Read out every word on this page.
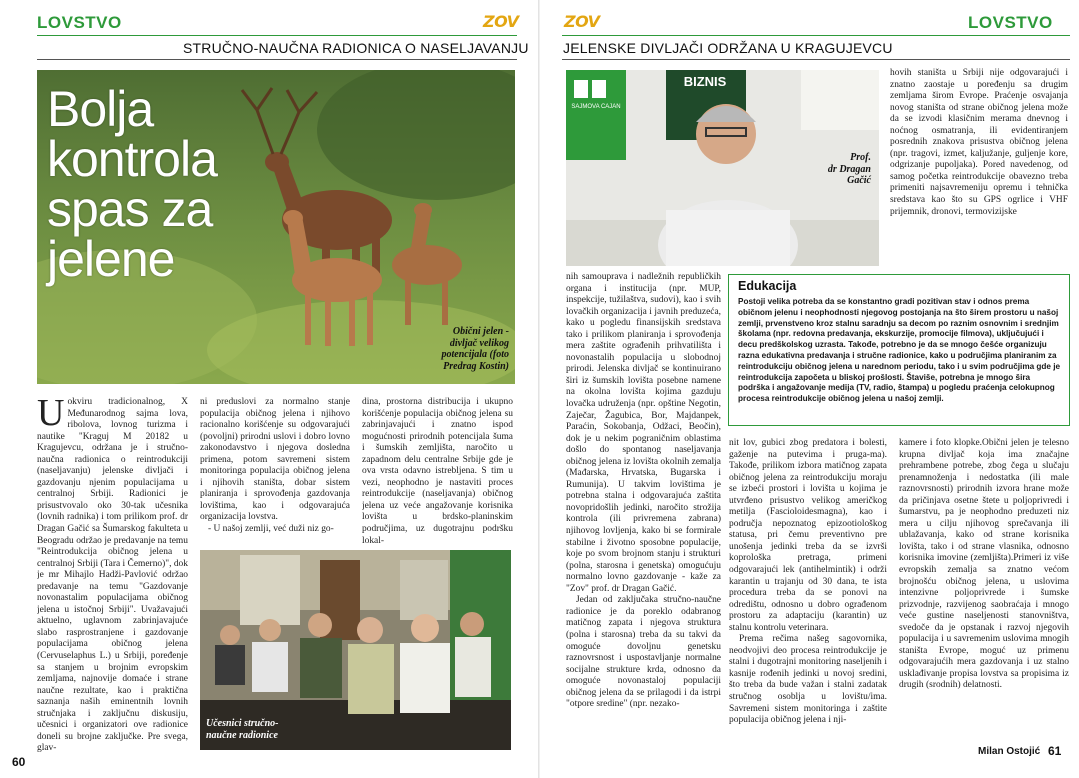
LOVSTVO	ZOV
STRUČNO-NAUČNA RADIONICA O NASELJAVANJU
ZOV	LOVSTVO
JELENSKE DIVLJAČI ODRŽANA U KRAGUJEVCU
Bolja
kontrola
spas za
jelene
Obični jelen -
divljač velikog
potencijala (foto
Predrag Kostin)
U okviru tradicionalnog, X Međunarodnog sajma lova, ribolova, lovnog turizma i nautike "Kraguj M 20182 u Kragujevcu, održana je i stručno-naučna radionica o reintrodukciji (naseljavanju) jelenske divljači i gazdovanju njenim populacijama u centralnoj Srbiji. Radionici je prisustvovalo oko 30-tak učesnika (lovnih radnika) i tom prilikom prof. dr Dragan Gačić sa Šumarskog fakulteta u Beogradu održao je predavanje na temu "Reintrodukcija običnog jelena u centralnoj Srbiji (Tara i Čemerno)", dok je mr Mihajlo Hadži-Pavlović održao predavanje na temu "Gazdovanje novonastalim populacijama običnog jelena u istočnoj Srbiji". Uvažavajući aktuelno, uglavnom zabrinjavajuće slabo rasprostranjene i gazdovanje populacijama običnog jelena (Cervuselaphus L.) u Srbiji, poređenje sa stanjem u brojnim evropskim zemljama, najnovije domaće i strane naučne rezultate, kao i praktična saznanja naših eminentnih lovnih stručnjaka i zaključnu diskusiju, učesnici i organizatori ove radionice doneli su brojne zaključke. Pre svega, glav-

ni preduslovi za normalno stanje populacija običnog jelena i njihovo racionalno korišćenje su odgovarajući (povoljni) prirodni uslovi i dobro lovno zakonodavstvo i njegova dosledna primena, potom savremeni sistem monitoringa populacija običnog jelena i njihovih staništa, dobar sistem planiranja i sprovođenja gazdovanja lovištima, kao i odgovarajuća organizacija lovstva.

- U našoj zemlji, već duži niz go-

dina, prostorna distribucija i ukupno korišćenje populacija običnog jelena su zabrinjavajući i znatno ispod mogućnosti prirodnih potencijala šuma i šumskih zemljišta, naročito u zapadnom delu centralne Srbije gde je ova vrsta odavno istrebljena. S tim u vezi, neophodno je nastaviti proces reintrodukcije (naseljavanja) običnog jelena uz veće angažovanje korisnika lovišta u brdsko-planinskim područjima, uz dugotrajnu podršku lokal-

Učesnici stručno-
naučne radionice
60
BIZNIS
SAJMOVA CAJAN
Prof.
dr Dragan
Gačić

hovih staništa u Srbiji nije odgovarajući i znatno zaostaje u poređenju sa drugim zemljama širom Evrope. Praćenje osvajanja novog staništa od strane običnog jelena može da se izvodi klasičnim merama dnevnog i noćnog osmatranja, ili evidentiranjem posrednih znakova prisustva običnog jelena (npr. tragovi, izmet, kaljužanje, guljenje kore, odgrizanje pupoljaka). Pored navedenog, od samog početka reintrodukcije obavezno treba primeniti najsavremeniju opremu i tehnička sredstava kao što su GPS ogrlice i VHF prijemnik, dronovi, termovizijske

nih samouprava i nadležnih republičkih organa i institucija (npr. MUP, inspekcije, tužilaštva, sudovi), kao i svih lovačkih organizacija i javnih preduzeća, kako u pogledu finansijskih sredstava tako i prilikom planiranja i sprovođenja mera zaštite ograđenih prihvatilišta i novonastalih populacija u slobodnoj prirodi. Jelenska divljač se kontinuirano širi iz šumskih lovišta posebne namene na okolna lovišta kojima gazduju lovačka udruženja (npr. opštine Negotin, Zaječar, Žagubica, Bor, Majdanpek, Paraćin, Sokobanja, Odžaci, Beočin), dok je u nekim pograničnim oblastima došlo do spontanog naseljavanja običnog jelena iz lovišta okolnih zemalja (Mađarska, Hrvatska, Bugarska i Rumunija). U takvim lovištima je potrebna stalna i odgovarajuća zaštita novopridošlih jedinki, naročito strožija kontrola (ili privremena zabrana) njihovog lovljenja, kako bi se formirale stabilne i životno sposobne populacije, koje po svom brojnom stanju i strukturi (polna, starosna i genetska) omogućuju normalno lovno gazdovanje - kaže za "Zov" prof. dr Dragan Gačić.

Jedan od zaključaka stručno-naučne radionice je da poreklo odabranog matičnog zapata i njegova struktura (polna i starosna) treba da su takvi da omoguće dovoljnu genetsku raznovrsnost i uspostavljanje normalne socijalne strukture krda, odnosno da omoguće novonastaloj populaciji običnog jelena da se prilagodi i da istrpi "otpore sredine" (npr. nezako-

Edukacija
Postoji velika potreba da se konstantno gradi pozitivan stav i odnos prema običnom jelenu i neophodnosti njegovog postojanja na što širem prostoru u našoj zemlji, prvenstveno kroz stalnu saradnju sa decom po raznim osnovnim i srednjim školama (npr. redovna predavanja, ekskurzije, promocije filmova), uključujući i decu predškolskog uzrasta. Takođe, potrebno je da se mnogo češće organizuju razna edukativna predavanja i stručne radionice, kako u područjima planiranim za reintrodukciju običnog jelena u narednom periodu, tako i u svim područjima gde je reintrodukcija započeta u bliskoj prošlosti. Štaviše, potrebna je mnogo šira podrška i angažovanje medija (TV, radio, štampa) u pogledu praćenja celokupnog procesa reintrodukcije običnog jelena u našoj zemlji.

nit lov, gubici zbog predatora i bolesti, gaženje na putevima i pruga-ma). Takođe, prilikom izbora matičnog zapata običnog jelena za reintrodukciju moraju se izbeći prostori i lovišta u kojima je utvrđeno prisustvo velikog američkog metilja (Fascioloidesmagna), kao i područja nepoznatog epizootiološkog statusa, pri čemu preventivno pre unošenja jedinki treba da se izvrši koprološka pretraga, primeni odgovarajući lek (antihelmintik) i održi karantin u trajanju od 30 dana, te ista procedura treba da se ponovi na odredištu, odnosno u dobro ograđenom prostoru za adaptaciju (karantin) uz stalnu kontrolu veterinara.

Prema rečima našeg sagovornika, neodvojivi deo procesa reintrodukcije je stalni i dugotrajni monitoring naseljenih i kasnije rođenih jedinki u novoj sredini, što treba da bude važan i stalni zadatak stručnog osoblja u lovištu/ima. Savremeni sistem monitoringa i zaštite populacija običnog jelena i nji-

kamere i foto klopke.Obični jelen je telesno krupna divljač koja ima značajne prehrambene potrebe, zbog čega u slučaju prenamnoženja i nedostatka (ili male raznovrsnosti) prirodnih izvora hrane može da pričinjava osetne štete u poljoprivredi i šumarstvu, pa je neophodno preduzeti niz mera u cilju njihovog sprečavanja ili ublažavanja, kako od strane korisnika lovišta, tako i od strane vlasnika, odnosno korisnika imovine (zemljišta).Primeri iz više evropskih zemalja sa znatno većom brojnošću običnog jelena, u uslovima intenzivne poljoprivrede i šumske prizvodnje, razvijenog saobraćaja i mnogo veće gustine naseljenosti stanovništva, svedoče da je opstanak i razvoj njegovih populacija i u savremenim uslovima mnogih staništa Evrope, moguć uz primenu odgovarajućih mera gazdovanja i uz stalno usklađivanje propisa lovstva sa propisima iz drugih (srodnih) delatnosti.

Milan Ostojić 61
